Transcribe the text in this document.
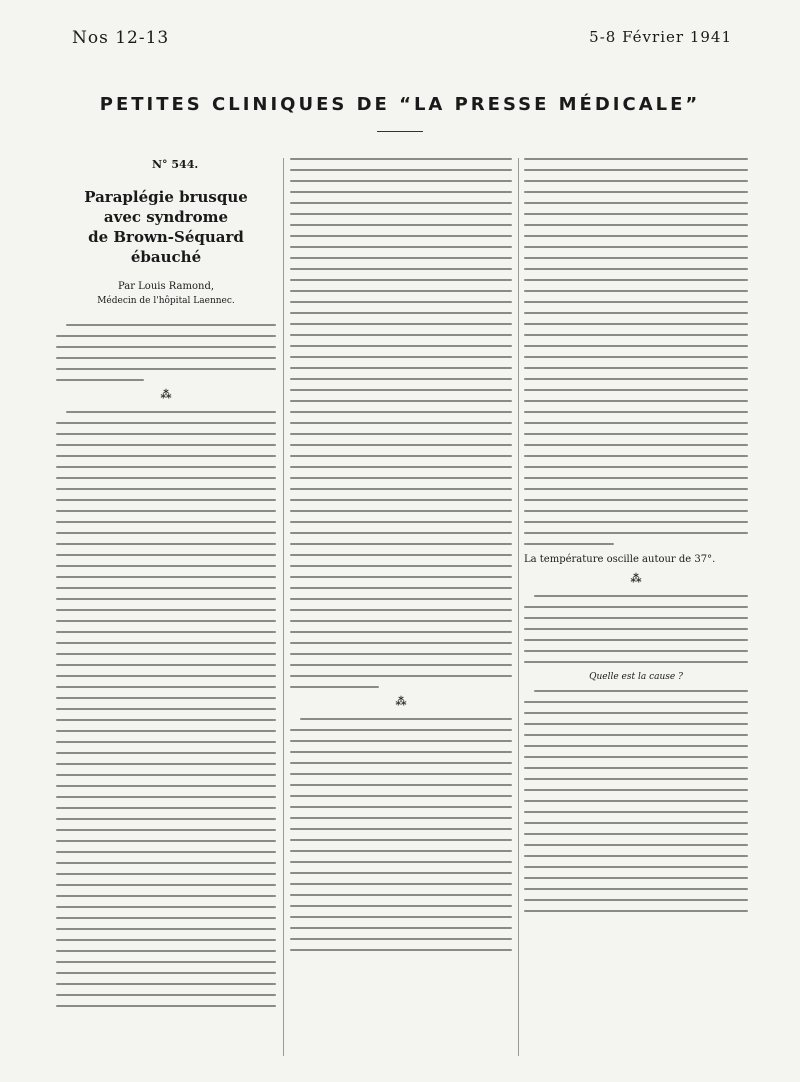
Nos 12-13	5-8 Février 1941
PETITES CLINIQUES DE “LA PRESSE MÉDICALE”

N° 544.

Paraplégie brusque
avec syndrome
de Brown-Séquard ébauché

Par Louis Ramond,

Médecin de l'hôpital Laennec.

⁂
⁂

La température oscille autour de 37°.

⁂

Quelle est la cause ?
